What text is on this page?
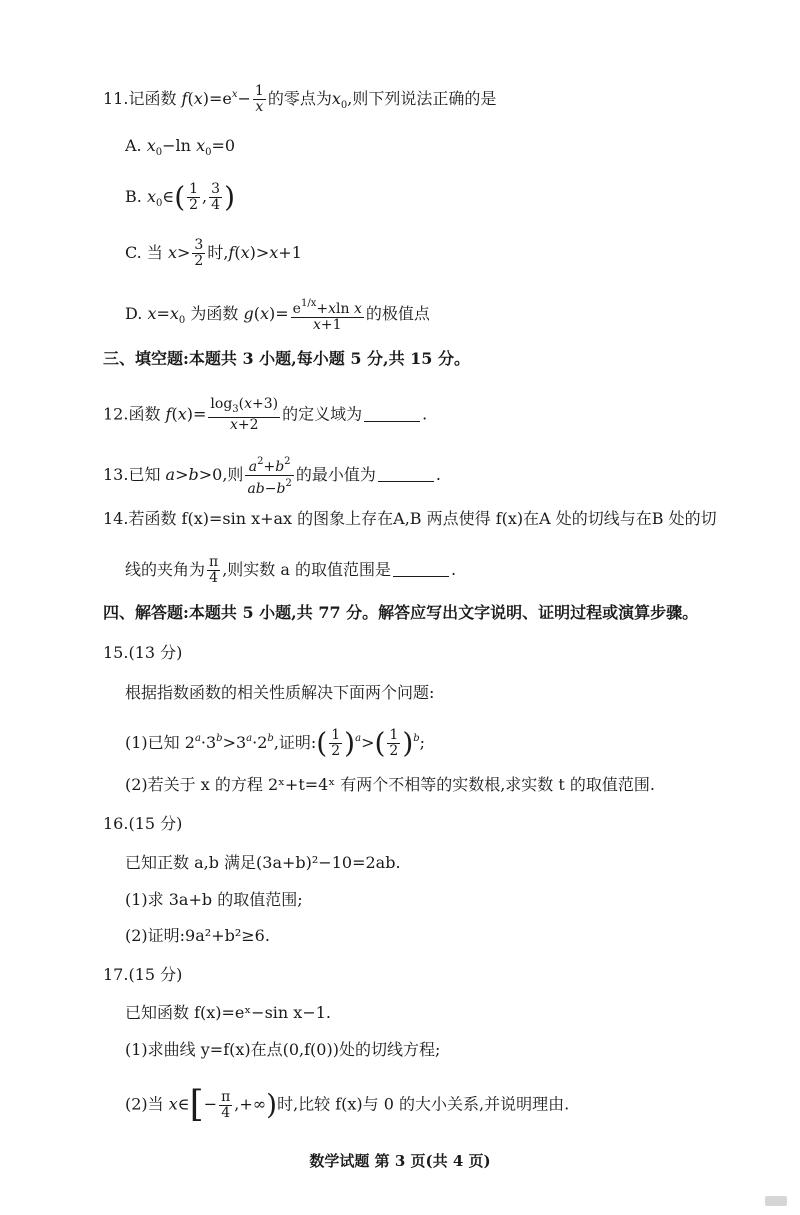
11.记函数 $f(x)=e^x- \frac{1}{x}$ 的零点为$x_0$,则下列说法正确的是
A. $x_0-\ln$ $x_0=0$
B. $x_0\in( \frac{1}{2}$ , $\frac{3}{4}$ )
C. 当 $x> \frac{3}{2}$ 时,f(x)>x+1
D. $x=x_0$ 为函数 $g(x)= \frac{e^{1/x}+xln x}{x+1}$ 的极值点
三、填空题:本题共 3 小题,每小题 5 分,共 15 分。
12.函数 $f(x)= \frac{\log_3(x+3)}{x+2}$ 的定义域为	.
13.已知 a>b>0,则 $\frac{a^2+b^2}{ab-b^2}$ 的最小值为	.
14.若函数 f(x)=sin x+ax 的图象上存在A,B 两点使得 f(x)在A 处的切线与在B 处的切
线的夹角为 $\frac{\pi}{4}$ ,则实数 a 的取值范围是	.
四、解答题:本题共 5 小题,共 77 分。解答应写出文字说明、证明过程或演算步骤。
15.(13 分)
根据指数函数的相关性质解决下面两个问题:
(1)已知 $2^a\cdot 3^b>3^a\cdot 2^b$,证明:( $\frac{1}{2} )^a>( \frac{1}{2} )^b$;
(2)若关于 x 的方程 2ˣ+t=4ˣ 有两个不相等的实数根,求实数 t 的取值范围.
16.(15 分)
已知正数 a,b 满足(3a+b)²−10=2ab.
(1)求 3a+b 的取值范围;
(2)证明:9a²+b²≥6.
17.(15 分)
已知函数 f(x)=eˣ−sin x−1.
(1)求曲线 y=f(x)在点(0,f(0))处的切线方程;
(2)当 x∈[− $\frac{\pi}{4}$ ,+∞)时,比较 f(x)与 0 的大小关系,并说明理由.
数学试题 第 3 页(共 4 页)
